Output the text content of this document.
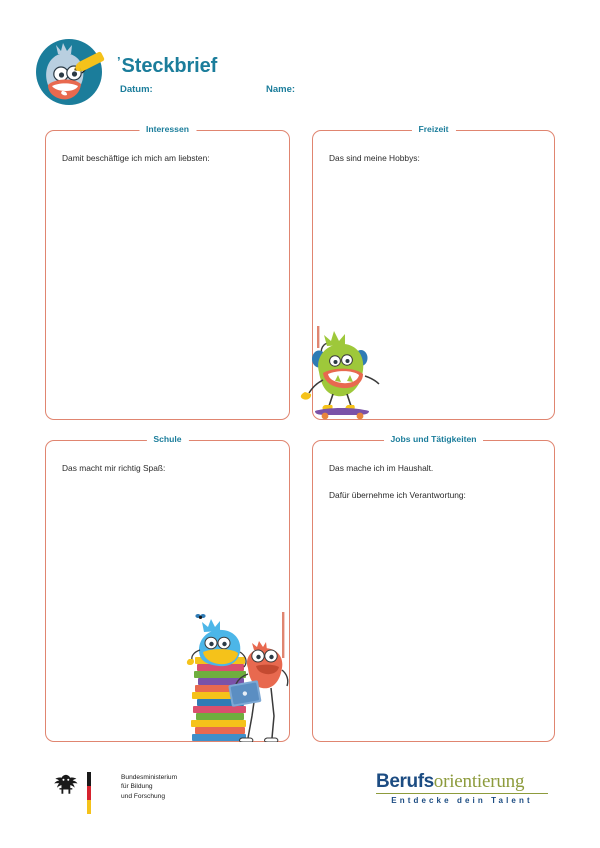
’Steckbrief
Datum:	Name:
Interessen
Damit beschäftige ich mich am liebsten:
Freizeit
Das sind meine Hobbys:
Schule
Das macht mir richtig Spaß:
Jobs und Tätigkeiten
Das mache ich im Haushalt.
Dafür übernehme ich Verantwortung:
Bundesministerium
für Bildung
und Forschung
Berufsorientierung
Entdecke dein Talent
